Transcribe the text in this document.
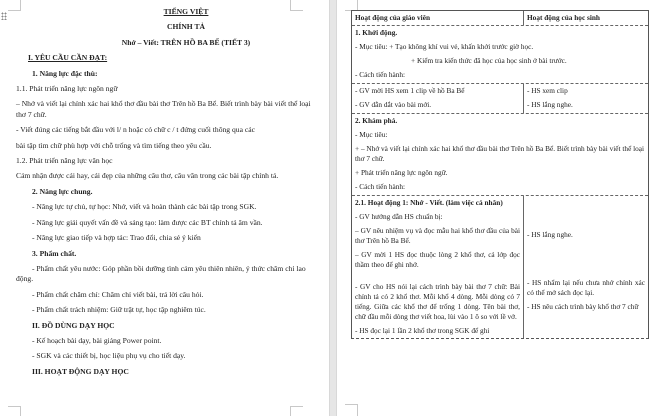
TIẾNG VIỆT

CHÍNH TẢ

Nhớ – Viết: TRÊN HỒ BA BỂ (TIẾT 3)

I. YÊU CẦU CẦN ĐẠT:

1. Năng lực đặc thù:

1.1. Phát triển năng lực ngôn ngữ

– Nhớ và viết lại chính xác hai khổ thơ đầu bài thơ Trên hồ Ba Bể. Biết trình bày bài viết thể loại thơ 7 chữ.

- Viết đúng các tiếng bắt đầu với l/ n hoặc có chữ c / t đứng cuối thông qua các

bài tập tìm chữ phù hợp với chỗ trống và tìm tiếng theo yêu cầu.

1.2. Phát triển năng lực văn học

Cảm nhận được cái hay, cái đẹp của những câu thơ, câu văn trong các bài tập chính tả.

2. Năng lực chung.

- Năng lực tự chủ, tự học: Nhớ, viết và hoàn thành các bài tập trong SGK.

- Năng lực giải quyết vấn đề và sáng tạo: làm được các BT chính tả âm vần.

- Năng lực giao tiếp và hợp tác: Trao đổi, chia sẻ ý kiến

3. Phẩm chất.

- Phẩm chất yêu nước: Góp phần bồi dưỡng tình cảm yêu thiên nhiên, ý thức chăm chỉ lao động.

- Phẩm chất chăm chỉ: Chăm chỉ viết bài, trả lời câu hỏi.

- Phẩm chất trách nhiệm: Giữ trật tự, học tập nghiêm túc.

II. ĐỒ DÙNG DẠY HỌC

- Kế hoạch bài dạy, bài giảng Power point.

- SGK và các thiết bị, học liệu phụ vụ cho tiết dạy.

III. HOẠT ĐỘNG DẠY HỌC

Hoạt động của giáo viên	Hoạt động của học sinh

1. Khởi động.

- Mục tiêu: + Tạo không khí vui vẻ, khấn khởi trước giờ học.

+ Kiểm tra kiến thức đã học của học sinh ở bài trước.

- Cách tiến hành:

- GV mời HS xem 1 clip về hồ Ba Bể

- GV dẫn dắt vào bài mới.

- HS xem clip

- HS lắng nghe.

2. Khám phá.

- Mục tiêu:

+ – Nhớ và viết lại chính xác hai khổ thơ đầu bài thơ Trên hồ Ba Bể. Biết trình bày bài viết thể loại thơ 7 chữ.

+ Phát triển năng lực ngôn ngữ.

- Cách tiến hành:

2.1. Hoạt động 1: Nhớ - Viết. (làm việc cá nhân)

- GV hướng dẫn HS chuẩn bị:

– GV nêu nhiệm vụ và đọc mẫu hai khổ thơ đầu của bài thơ Trên hồ Ba Bể.

– GV mời 1 HS đọc thuộc lòng 2 khổ thơ, cả lớp đọc thầm theo để ghi nhớ.

- GV cho HS nói lại cách trình bày bài thơ 7 chữ: Bài chính tả có 2 khổ thơ. Mỗi khổ 4 dòng. Mỗi dòng có 7 tiếng. Giữa các khổ thơ để trống 1 dòng. Tên bài thơ, chữ đầu mỗi dòng thơ viết hoa, lùi vào 1 ô so với lề vở.

- HS đọc lại 1 lần 2 khổ thơ trong SGK để ghi

- HS lắng nghe.

- HS nhẩm lại nếu chưa nhớ chính xác có thể mở sách đọc lại.

- HS nêu cách trình bày khổ thơ 7 chữ
